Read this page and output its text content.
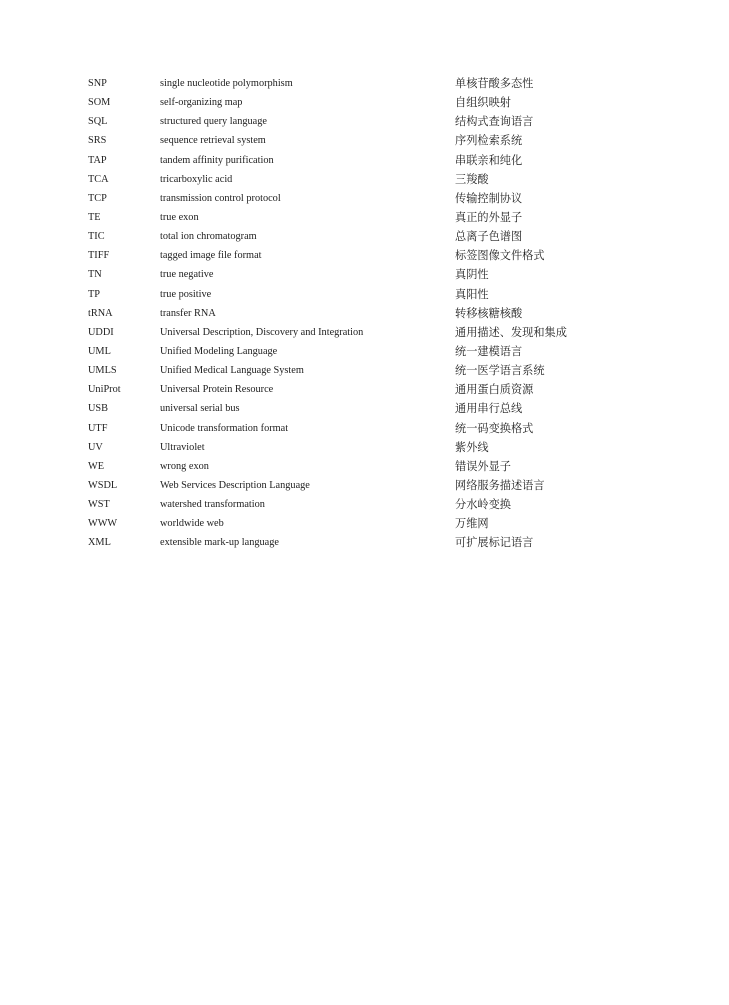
SNP	single nucleotide polymorphism	单核苷酸多态性
SOM	self-organizing map	自组织映射
SQL	structured query language	结构式查询语言
SRS	sequence retrieval system	序列检索系统
TAP	tandem affinity purification	串联亲和纯化
TCA	tricarboxylic acid	三羧酸
TCP	transmission control protocol	传输控制协议
TE	true exon	真正的外显子
TIC	total ion chromatogram	总离子色谱图
TIFF	tagged image file format	标签图像文件格式
TN	true negative	真阴性
TP	true positive	真阳性
tRNA	transfer RNA	转移核糖核酸
UDDI	Universal Description, Discovery and Integration	通用描述、发现和集成
UML	Unified Modeling Language	统一建模语言
UMLS	Unified Medical Language System	统一医学语言系统
UniProt	Universal Protein Resource	通用蛋白质资源
USB	universal serial bus	通用串行总线
UTF	Unicode transformation format	统一码变换格式
UV	Ultraviolet	紫外线
WE	wrong exon	错误外显子
WSDL	Web Services Description Language	网络服务描述语言
WST	watershed transformation	分水岭变换
WWW	worldwide web	万维网
XML	extensible mark-up language	可扩展标记语言
